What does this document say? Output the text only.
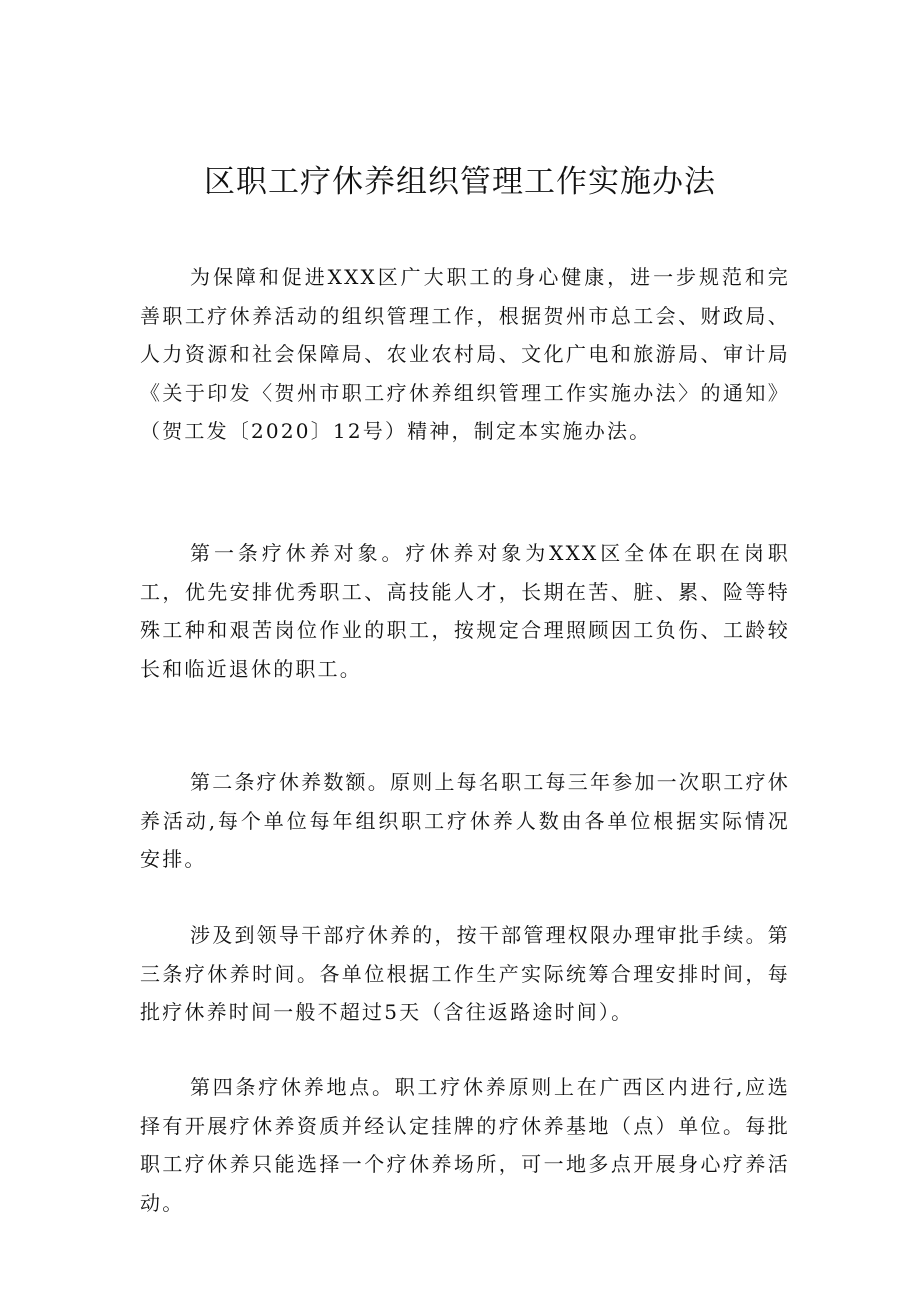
区职工疗休养组织管理工作实施办法

为保障和促进XXX区广大职工的身心健康，进一步规范和完善职工疗休养活动的组织管理工作，根据贺州市总工会、财政局、人力资源和社会保障局、农业农村局、文化广电和旅游局、审计局《关于印发〈贺州市职工疗休养组织管理工作实施办法〉的通知》（贺工发〔2020〕12号）精神，制定本实施办法。

第一条疗休养对象。疗休养对象为XXX区全体在职在岗职工，优先安排优秀职工、高技能人才，长期在苦、脏、累、险等特殊工种和艰苦岗位作业的职工，按规定合理照顾因工负伤、工龄较长和临近退休的职工。

第二条疗休养数额。原则上每名职工每三年参加一次职工疗休养活动,每个单位每年组织职工疗休养人数由各单位根据实际情况安排。

涉及到领导干部疗休养的，按干部管理权限办理审批手续。第三条疗休养时间。各单位根据工作生产实际统筹合理安排时间，每批疗休养时间一般不超过5天（含往返路途时间）。

第四条疗休养地点。职工疗休养原则上在广西区内进行,应选择有开展疗休养资质并经认定挂牌的疗休养基地（点）单位。每批职工疗休养只能选择一个疗休养场所，可一地多点开展身心疗养活动。
